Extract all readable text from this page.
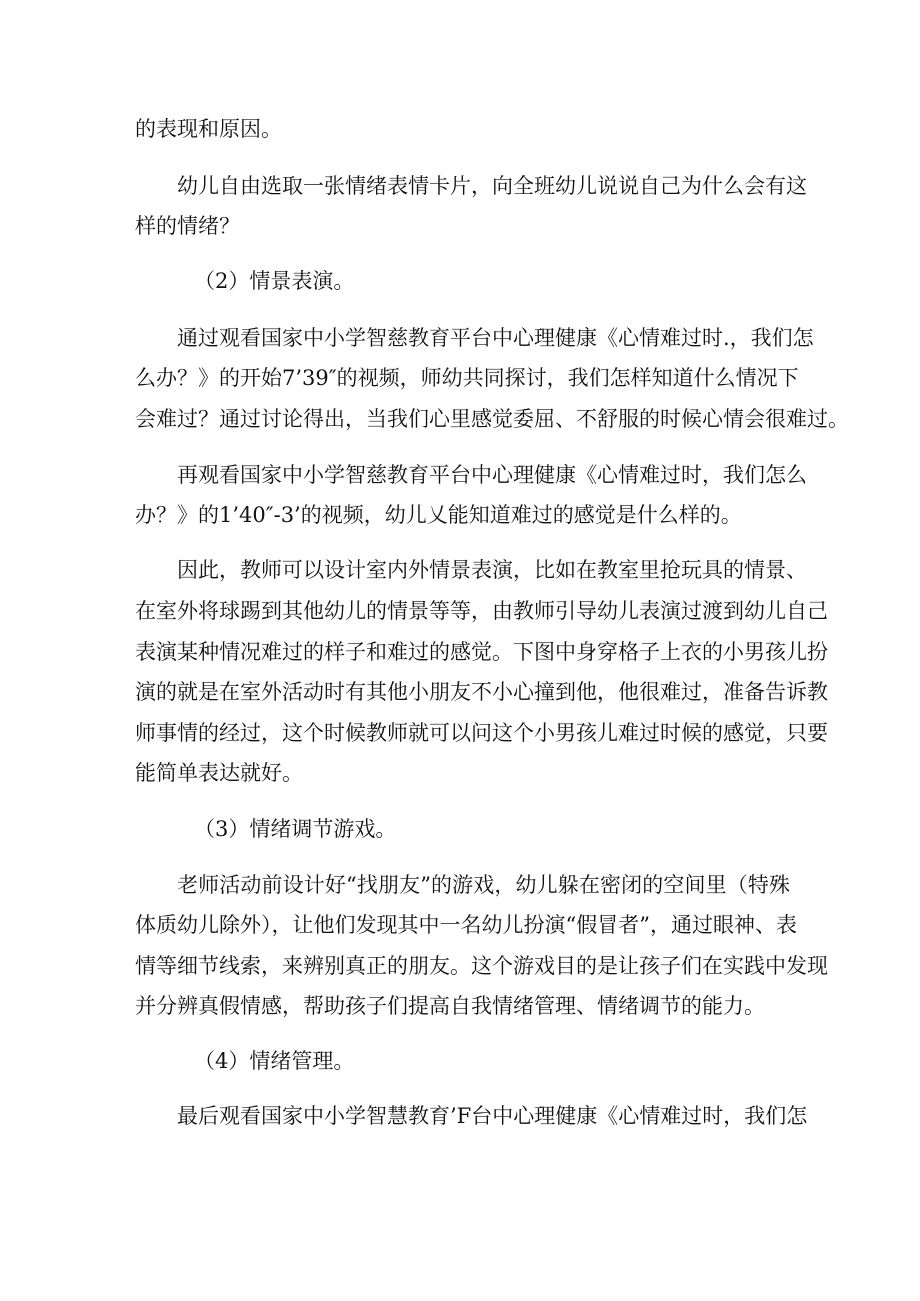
的表现和原因。

幼儿自由选取一张情绪表情卡片，向全班幼儿说说自己为什么会有这

样的情绪？

（2）情景表演。

通过观看国家中小学智慈教育平台中心理健康《心情难过时.，我们怎

么办？》的开始7’39″的视频，师幼共同探讨，我们怎样知道什么情况下

会难过？通过讨论得出，当我们心里感觉委屈、不舒服的时候心情会很难过。

再观看国家中小学智慈教育平台中心理健康《心情难过时，我们怎么

办？》的1’40″-3’的视频，幼儿乂能知道难过的感觉是什么样的。

因此，教师可以设计室内外情景表演，比如在教室里抢玩具的情景、

在室外将球踢到其他幼儿的情景等等，由教师引导幼儿表演过渡到幼儿自己

表演某种情况难过的样子和难过的感觉。下图中身穿格子上衣的小男孩儿扮

演的就是在室外活动时有其他小朋友不小心撞到他，他很难过，准备告诉教

师事情的经过，这个时候教师就可以问这个小男孩儿难过时候的感觉，只要

能简单表达就好。

（3）情绪调节游戏。

老师活动前设计好“找朋友”的游戏，幼儿躲在密闭的空间里（特殊

体质幼儿除外），让他们发现其中一名幼儿扮演“假冒者”，通过眼神、表

情等细节线索，来辨别真正的朋友。这个游戏目的是让孩子们在实践中发现

并分辨真假情感，帮助孩子们提高自我情绪管理、情绪调节的能力。

（4）情绪管理。

最后观看国家中小学智慧教育’F台中心理健康《心情难过时，我们怎
